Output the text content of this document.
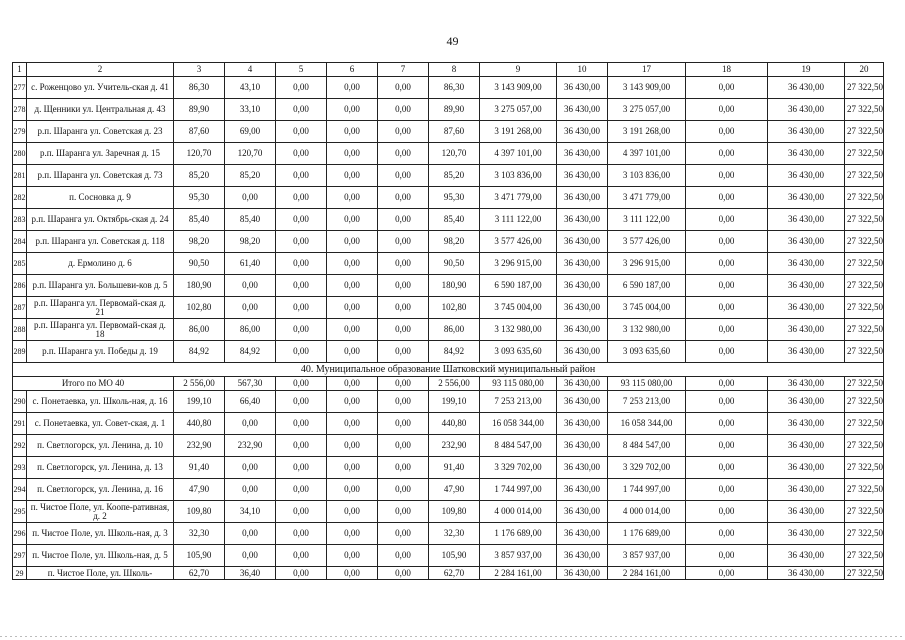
49
1	2	3	4	5	6	7	8	9	10	17	18	19	20
277	с. Роженцово ул. Учитель-ская д. 41	86,30	43,10	0,00	0,00	0,00	86,30	3 143 909,00	36 430,00	3 143 909,00	0,00	36 430,00	27 322,50
278	д. Щенники ул. Центральная д. 43	89,90	33,10	0,00	0,00	0,00	89,90	3 275 057,00	36 430,00	3 275 057,00	0,00	36 430,00	27 322,50
279	р.п. Шаранга ул. Советская д. 23	87,60	69,00	0,00	0,00	0,00	87,60	3 191 268,00	36 430,00	3 191 268,00	0,00	36 430,00	27 322,50
280	р.п. Шаранга ул. Заречная д. 15	120,70	120,70	0,00	0,00	0,00	120,70	4 397 101,00	36 430,00	4 397 101,00	0,00	36 430,00	27 322,50
281	р.п. Шаранга ул. Советская д. 73	85,20	85,20	0,00	0,00	0,00	85,20	3 103 836,00	36 430,00	3 103 836,00	0,00	36 430,00	27 322,50
282	п. Сосновка д. 9	95,30	0,00	0,00	0,00	0,00	95,30	3 471 779,00	36 430,00	3 471 779,00	0,00	36 430,00	27 322,50
283	р.п. Шаранга ул. Октябрь-ская д. 24	85,40	85,40	0,00	0,00	0,00	85,40	3 111 122,00	36 430,00	3 111 122,00	0,00	36 430,00	27 322,50
284	р.п. Шаранга ул. Советская д. 118	98,20	98,20	0,00	0,00	0,00	98,20	3 577 426,00	36 430,00	3 577 426,00	0,00	36 430,00	27 322,50
285	д. Ермолино д. 6	90,50	61,40	0,00	0,00	0,00	90,50	3 296 915,00	36 430,00	3 296 915,00	0,00	36 430,00	27 322,50
286	р.п. Шаранга ул. Большеви-ков д. 5	180,90	0,00	0,00	0,00	0,00	180,90	6 590 187,00	36 430,00	6 590 187,00	0,00	36 430,00	27 322,50
287	р.п. Шаранга ул. Первомай-ская д. 21	102,80	0,00	0,00	0,00	0,00	102,80	3 745 004,00	36 430,00	3 745 004,00	0,00	36 430,00	27 322,50
288	р.п. Шаранга ул. Первомай-ская д. 18	86,00	86,00	0,00	0,00	0,00	86,00	3 132 980,00	36 430,00	3 132 980,00	0,00	36 430,00	27 322,50
289	р.п. Шаранга ул. Победы д. 19	84,92	84,92	0,00	0,00	0,00	84,92	3 093 635,60	36 430,00	3 093 635,60	0,00	36 430,00	27 322,50
40. Муниципальное образование Шатковский муниципальный район													
Итого по МО 40		2 556,00	567,30	0,00	0,00	0,00	2 556,00	93 115 080,00	36 430,00	93 115 080,00	0,00	36 430,00	27 322,50
290	с. Понетаевка, ул. Школь-ная, д. 16	199,10	66,40	0,00	0,00	0,00	199,10	7 253 213,00	36 430,00	7 253 213,00	0,00	36 430,00	27 322,50
291	с. Понетаевка, ул. Совет-ская, д. 1	440,80	0,00	0,00	0,00	0,00	440,80	16 058 344,00	36 430,00	16 058 344,00	0,00	36 430,00	27 322,50
292	п. Светлогорск, ул. Ленина, д. 10	232,90	232,90	0,00	0,00	0,00	232,90	8 484 547,00	36 430,00	8 484 547,00	0,00	36 430,00	27 322,50
293	п. Светлогорск, ул. Ленина, д. 13	91,40	0,00	0,00	0,00	0,00	91,40	3 329 702,00	36 430,00	3 329 702,00	0,00	36 430,00	27 322,50
294	п. Светлогорск, ул. Ленина, д. 16	47,90	0,00	0,00	0,00	0,00	47,90	1 744 997,00	36 430,00	1 744 997,00	0,00	36 430,00	27 322,50
295	п. Чистое Поле, ул. Коопе-ративная, д. 2	109,80	34,10	0,00	0,00	0,00	109,80	4 000 014,00	36 430,00	4 000 014,00	0,00	36 430,00	27 322,50
296	п. Чистое Поле, ул. Школь-ная, д. 3	32,30	0,00	0,00	0,00	0,00	32,30	1 176 689,00	36 430,00	1 176 689,00	0,00	36 430,00	27 322,50
297	п. Чистое Поле, ул. Школь-ная, д. 5	105,90	0,00	0,00	0,00	0,00	105,90	3 857 937,00	36 430,00	3 857 937,00	0,00	36 430,00	27 322,50
29	п. Чистое Поле, ул. Школь-	62,70	36,40	0,00	0,00	0,00	62,70	2 284 161,00	36 430,00	2 284 161,00	0,00	36 430,00	27 322,50
